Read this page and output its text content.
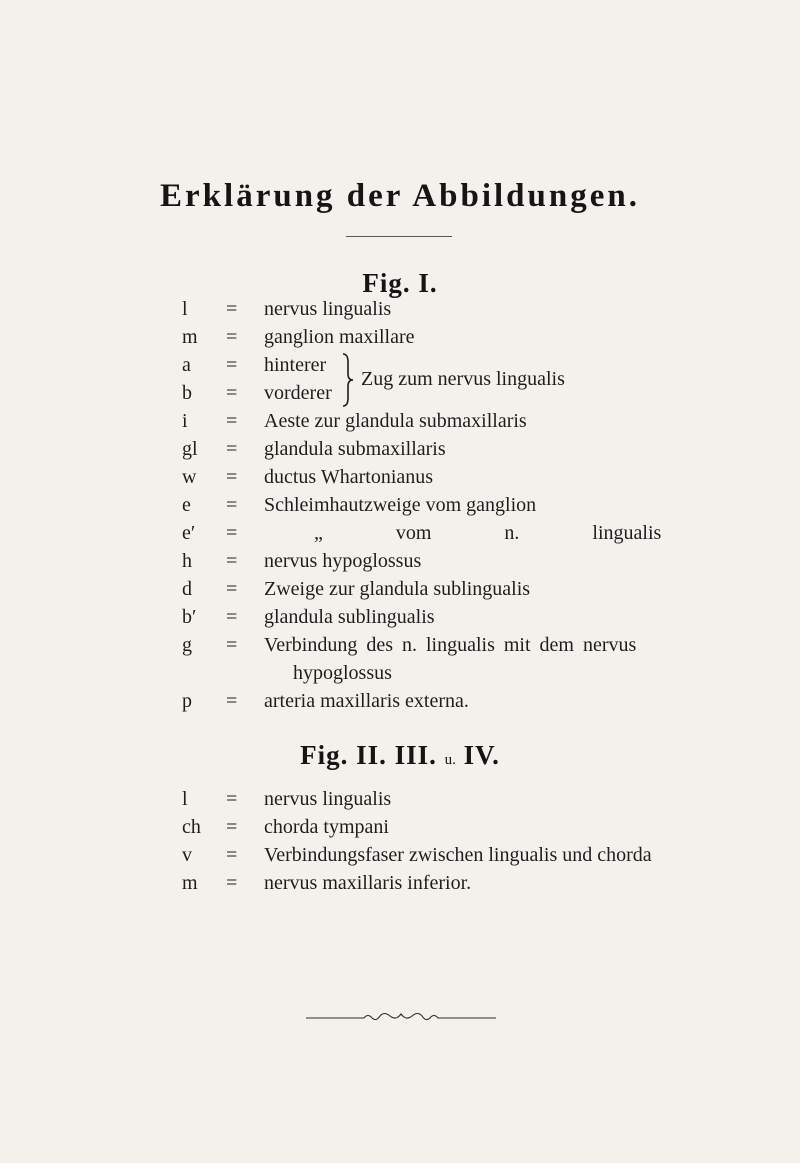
Erklärung der Abbildungen.
Fig. I.
l = nervus lingualis
m = ganglion maxillare
a = hinterer
b = vorderer
Zug zum nervus lingualis
i = Aeste zur glandula submaxillaris
gl = glandula submaxillaris
w = ductus Whartonianus
e = Schleimhautzweige vom ganglion
e′ =	„ vom n. lingualis
h = nervus hypoglossus
d = Zweige zur glandula sublingualis
b′ = glandula sublingualis
g = Verbindung des n. lingualis mit dem nervus
hypoglossus
p = arteria maxillaris externa.
Fig. II. III. u. IV.
l = nervus lingualis
ch = chorda tympani
v = Verbindungsfaser zwischen lingualis und chorda
m = nervus maxillaris inferior.
